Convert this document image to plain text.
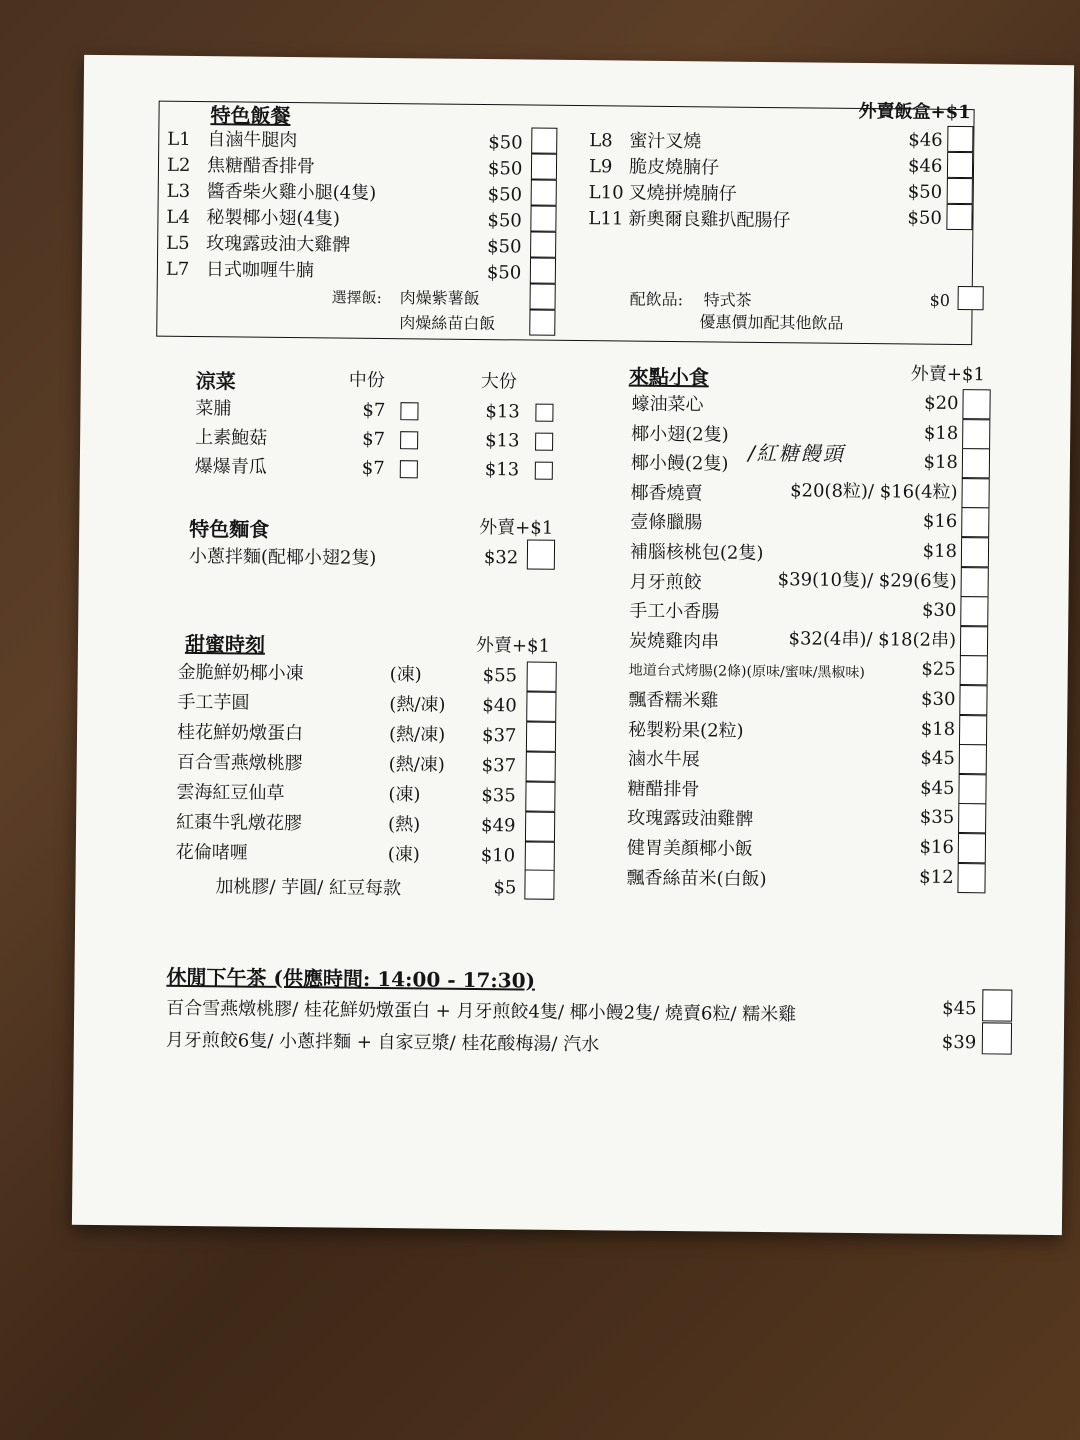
特色飯餐	外賣飯盒+$1
L1 自滷牛腿肉	$50
L2 焦糖醋香排骨	$50
L3 醬香柴火雞小腿(4隻)	$50
L4 秘製椰小翅(4隻)	$50
L5 玫瑰露豉油大雞髀	$50
L7 日式咖喱牛腩	$50
選擇飯: 肉燥紫薯飯
肉燥絲苗白飯
L8 蜜汁叉燒	$46
L9 脆皮燒腩仔	$46
L10 叉燒拼燒腩仔	$50
L11 新奧爾良雞扒配腸仔	$50
配飲品: 特式茶	$0
優惠價加配其他飲品
涼菜	中份	大份
菜脯	$7	$13
上素鮑菇	$7	$13
爆爆青瓜	$7	$13
特色麵食	外賣+$1
小蔥拌麵(配椰小翅2隻)	$32
甜蜜時刻	外賣+$1
金脆鮮奶椰小凍	(凍)	$55
手工芋圓	(熱/凍) $40
桂花鮮奶燉蛋白	(熱/凍) $37
百合雪燕燉桃膠	(熱/凍) $37
雲海紅豆仙草	(凍)	$35
紅棗牛乳燉花膠	(熱)	$49
花倫啫喱	(凍)	$10
加桃膠/ 芋圓/ 紅豆每款	$5
來點小食	外賣+$1
/紅糖饅頭
蠔油菜心	$20
椰小翅(2隻)	$18
椰小饅(2隻)	$18
椰香燒賣	$20(8粒)/ $16(4粒)
壹條臘腸	$16
補腦核桃包(2隻)	$18
月牙煎餃	$39(10隻)/ $29(6隻)
手工小香腸	$30
炭燒雞肉串	$32(4串)/ $18(2串)
地道台式烤腸(2條)(原味/蜜味/黑椒味)	$25
飄香糯米雞	$30
秘製粉果(2粒)	$18
滷水牛展	$45
糖醋排骨	$45
玫瑰露豉油雞髀	$35
健胃美顏椰小飯	$16
飄香絲苗米(白飯)	$12
休閒下午茶 (供應時間: 14:00 - 17:30)
百合雪燕燉桃膠/ 桂花鮮奶燉蛋白 + 月牙煎餃4隻/ 椰小饅2隻/ 燒賣6粒/ 糯米雞	$45
月牙煎餃6隻/ 小蔥拌麵 + 自家豆漿/ 桂花酸梅湯/ 汽水	$39
